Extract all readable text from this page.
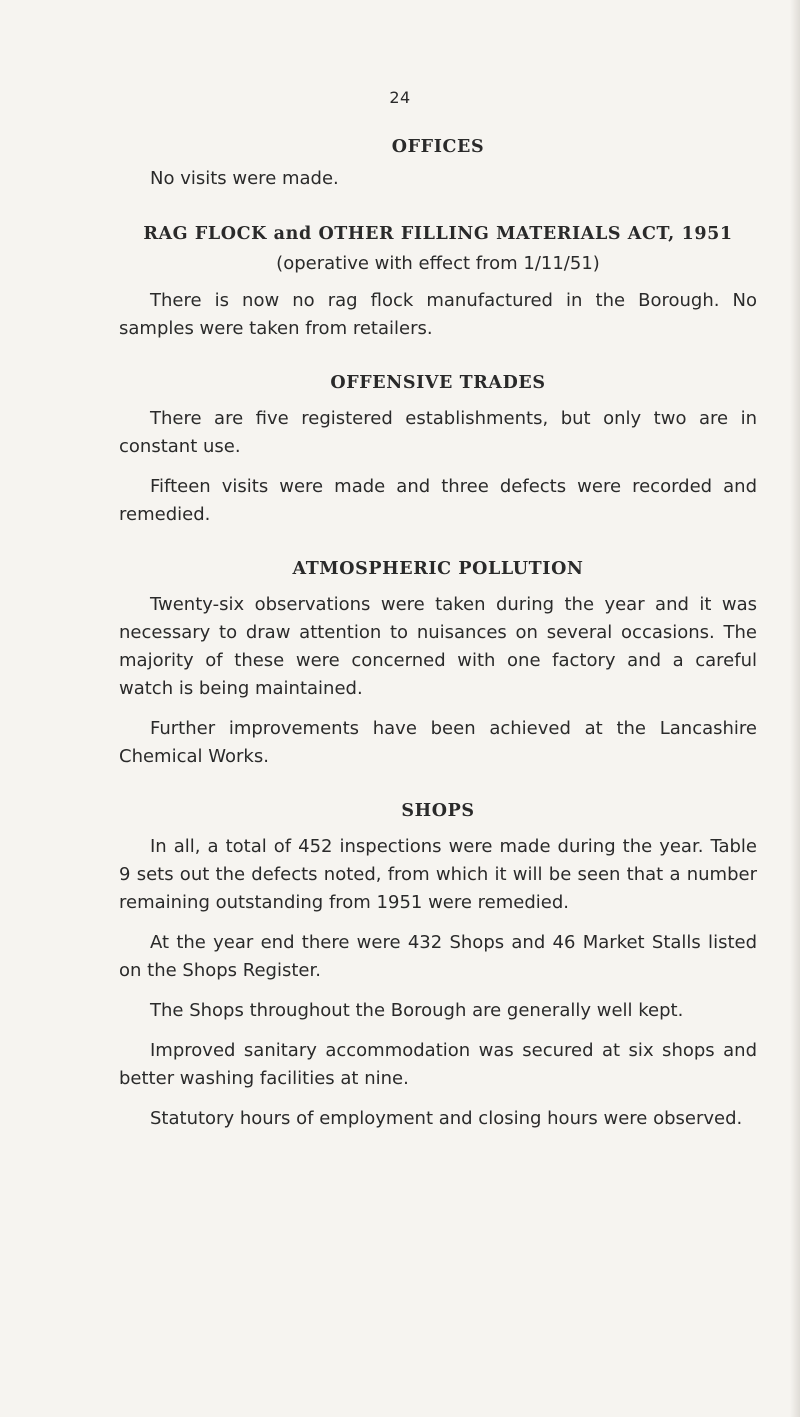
24
OFFICES

No visits were made.

RAG FLOCK and OTHER FILLING MATERIALS ACT, 1951
(operative with effect from 1/11/51)

There is now no rag flock manufactured in the Borough. No samples were taken from retailers.

OFFENSIVE TRADES

There are five registered establishments, but only two are in constant use.

Fifteen visits were made and three defects were recorded and remedied.

ATMOSPHERIC POLLUTION

Twenty-six observations were taken during the year and it was necessary to draw attention to nuisances on several occasions. The majority of these were concerned with one factory and a careful watch is being maintained.

Further improvements have been achieved at the Lancashire Chemical Works.

SHOPS

In all, a total of 452 inspections were made during the year. Table 9 sets out the defects noted, from which it will be seen that a number remaining outstanding from 1951 were remedied.

At the year end there were 432 Shops and 46 Market Stalls listed on the Shops Register.

The Shops throughout the Borough are generally well kept.

Improved sanitary accommodation was secured at six shops and better washing facilities at nine.

Statutory hours of employment and closing hours were observed.
